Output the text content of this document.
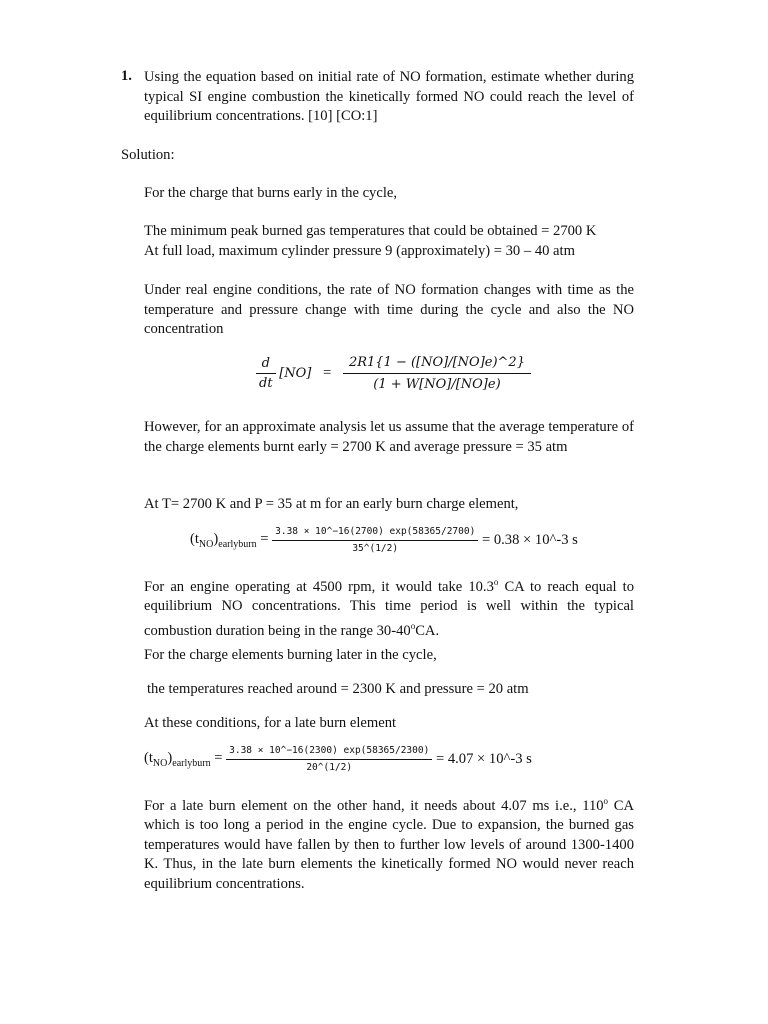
1. Using the equation based on initial rate of NO formation, estimate whether during typical SI engine combustion the kinetically formed NO could reach the level of equilibrium concentrations. [10] [CO:1]
Solution:
For the charge that burns early in the cycle,
The minimum peak burned gas temperatures that could be obtained = 2700 K
At full load, maximum cylinder pressure 9 (approximately) = 30 – 40 atm
Under real engine conditions, the rate of NO formation changes with time as the temperature and pressure change with time during the cycle and also the NO concentration
$\frac{d}{dt} [NO] = \frac{2R1\{1 - ([NO]/[NO]e)\^{}2\}}{(1 + W[NO]/[NO]e)}$
However, for an approximate analysis let us assume that the average temperature of the charge elements burnt early = 2700 K and average pressure = 35 atm
At T= 2700 K and P = 35 at m for an early burn charge element,
$(t_{NO})_{earlyburn} = \frac{3.38 \times 10\^{}-16(2700) \exp(58365/2700)}{35\^{}(1/2)} = 0.38$ × 10^-3 s
For an engine operating at 4500 rpm, it would take 10.3$^o$ CA to reach equal to equilibrium NO concentrations. This time period is well within the typical combustion duration being in the range 30-40$^o$CA.
For the charge elements burning later in the cycle,
the temperatures reached around = 2300 K and pressure = 20 atm
At these conditions, for a late burn element
$(t_{NO})_{earlyburn} = \frac{3.38 \times 10\^{}-16(2300) \exp(58365/2300)}{20\^{}(1/2)} = 4.07$ × 10^-3 s
For a late burn element on the other hand, it needs about 4.07 ms i.e., 110$^o$ CA which is too long a period in the engine cycle. Due to expansion, the burned gas temperatures would have fallen by then to further low levels of around 1300-1400 K. Thus, in the late burn elements the kinetically formed NO would never reach equilibrium concentrations.
